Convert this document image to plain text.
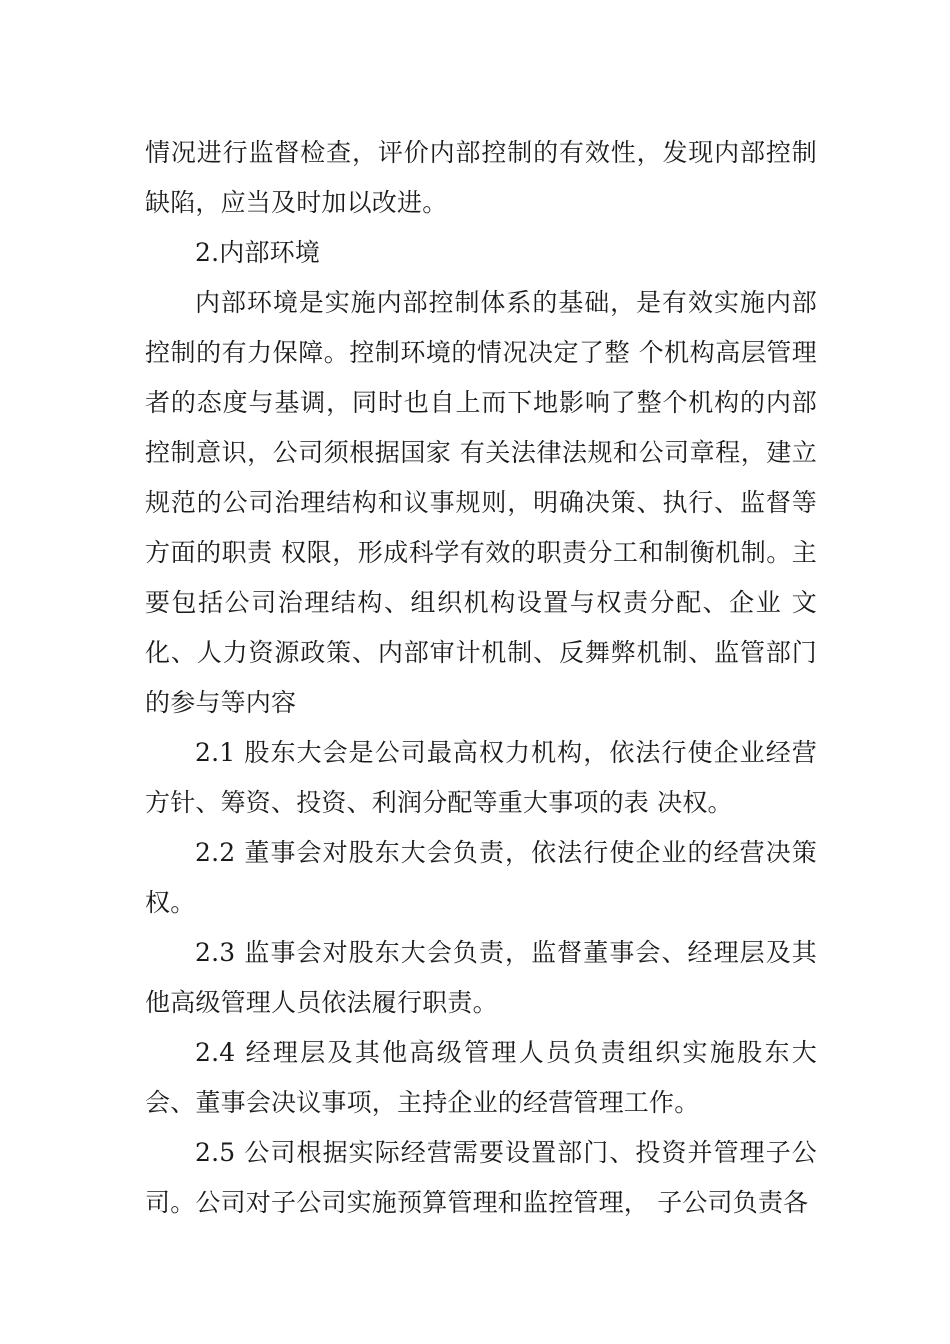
情况进行监督检查，评价内部控制的有效性，发现内部控制缺陷，应当及时加以改进。

2.内部环境

内部环境是实施内部控制体系的基础，是有效实施内部控制的有力保障。控制环境的情况决定了整 个机构高层管理者的态度与基调，同时也自上而下地影响了整个机构的内部控制意识，公司须根据国家 有关法律法规和公司章程，建立规范的公司治理结构和议事规则，明确决策、执行、监督等方面的职责 权限，形成科学有效的职责分工和制衡机制。主要包括公司治理结构、组织机构设置与权责分配、企业 文化、人力资源政策、内部审计机制、反舞弊机制、监管部门的参与等内容

2.1 股东大会是公司最高权力机构，依法行使企业经营方针、筹资、投资、利润分配等重大事项的表 决权。

2.2 董事会对股东大会负责，依法行使企业的经营决策权。

2.3 监事会对股东大会负责，监督董事会、经理层及其他高级管理人员依法履行职责。

2.4 经理层及其他高级管理人员负责组织实施股东大会、董事会决议事项，主持企业的经营管理工作。

2.5 公司根据实际经营需要设置部门、投资并管理子公司。公司对子公司实施预算管理和监控管理， 子公司负责各
